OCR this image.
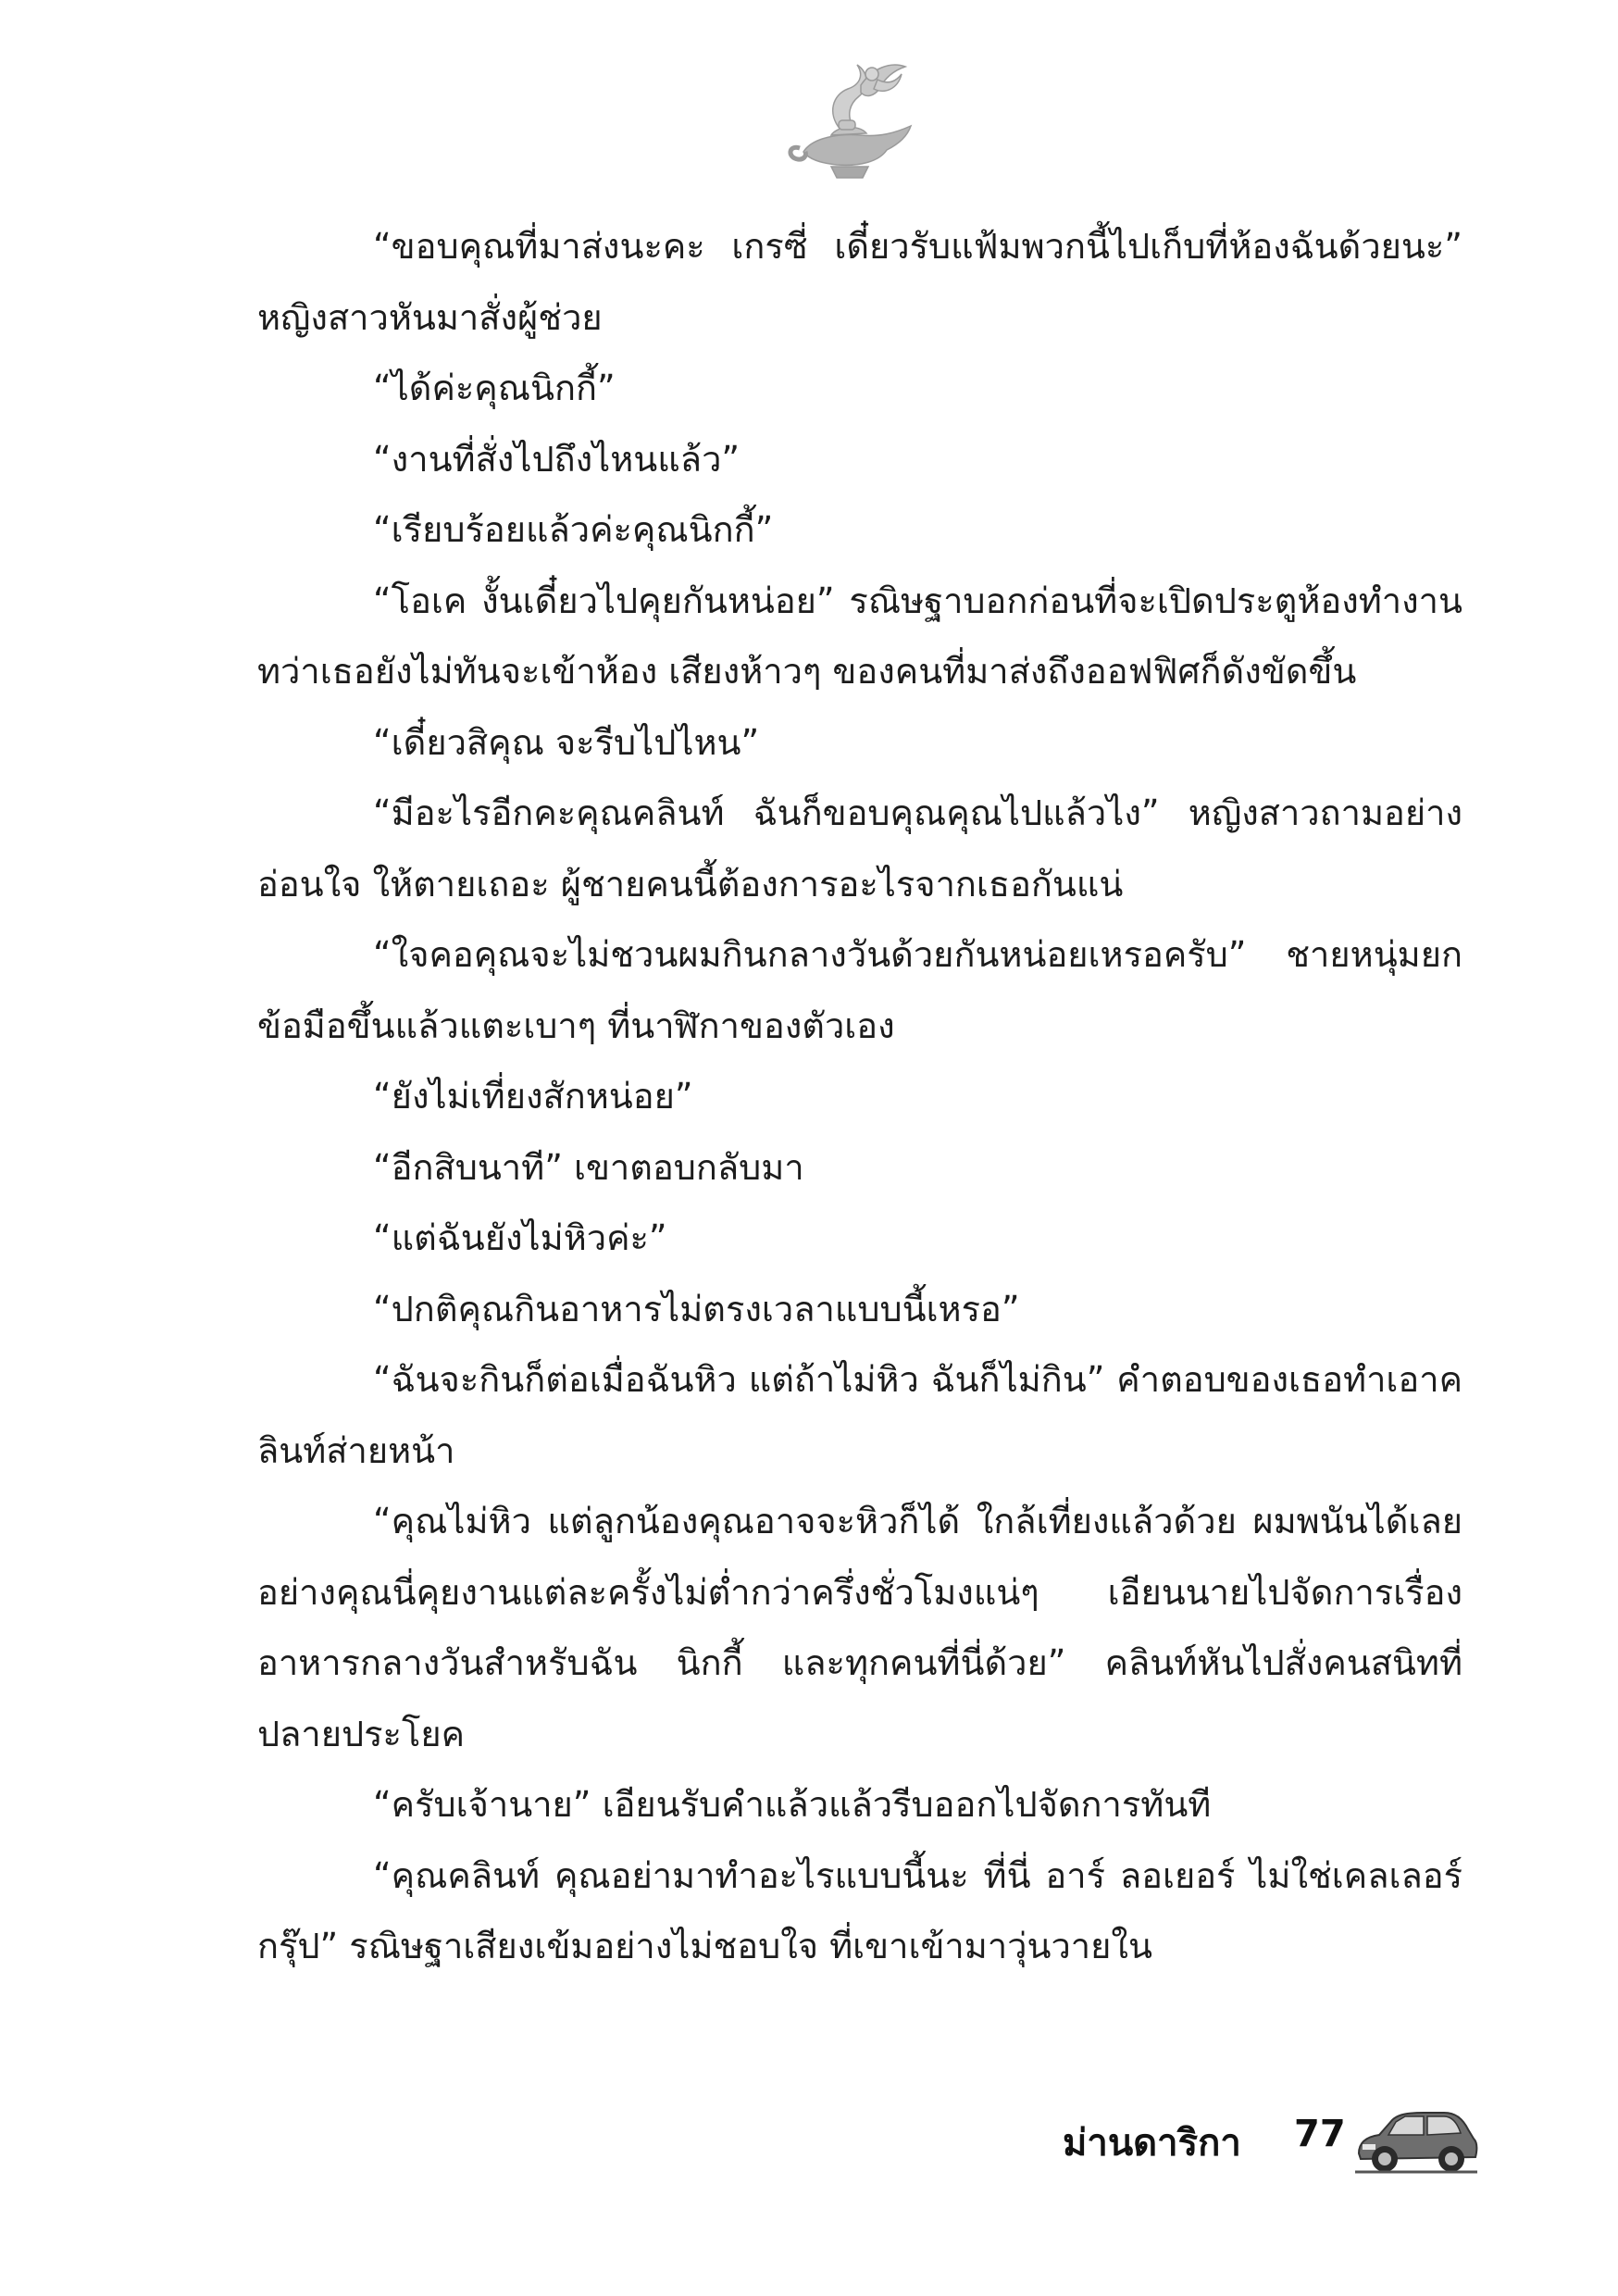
“ขอบคุณที่มาส่งนะคะ เกรซี่ เดี๋ยวรับแฟ้มพวกนี้ไปเก็บที่ห้องฉันด้วยนะ” หญิงสาวหันมาสั่งผู้ช่วย

“ได้ค่ะคุณนิกกี้”

“งานที่สั่งไปถึงไหนแล้ว”

“เรียบร้อยแล้วค่ะคุณนิกกี้”

“โอเค งั้นเดี๋ยวไปคุยกันหน่อย” รณิษฐาบอกก่อนที่จะเปิดประตูห้องทำงาน ทว่าเธอยังไม่ทันจะเข้าห้อง เสียงห้าวๆ ของคนที่มาส่งถึงออฟฟิศก็ดังขัดขึ้น

“เดี๋ยวสิคุณ จะรีบไปไหน”

“มีอะไรอีกคะคุณคลินท์ ฉันก็ขอบคุณคุณไปแล้วไง” หญิงสาวถามอย่างอ่อนใจ ให้ตายเถอะ ผู้ชายคนนี้ต้องการอะไรจากเธอกันแน่

“ใจคอคุณจะไม่ชวนผมกินกลางวันด้วยกันหน่อยเหรอครับ” ชายหนุ่มยกข้อมือขึ้นแล้วแตะเบาๆ ที่นาฬิกาของตัวเอง

“ยังไม่เที่ยงสักหน่อย”

“อีกสิบนาที” เขาตอบกลับมา

“แต่ฉันยังไม่หิวค่ะ”

“ปกติคุณกินอาหารไม่ตรงเวลาแบบนี้เหรอ”

“ฉันจะกินก็ต่อเมื่อฉันหิว แต่ถ้าไม่หิว ฉันก็ไม่กิน” คำตอบของเธอทำเอาคลินท์ส่ายหน้า

“คุณไม่หิว แต่ลูกน้องคุณอาจจะหิวก็ได้ ใกล้เที่ยงแล้วด้วย ผมพนันได้เลย อย่างคุณนี่คุยงานแต่ละครั้งไม่ต่ำกว่าครึ่งชั่วโมงแน่ๆ เอียนนายไปจัดการเรื่องอาหารกลางวันสำหรับฉัน นิกกี้ และทุกคนที่นี่ด้วย” คลินท์หันไปสั่งคนสนิทที่ปลายประโยค

“ครับเจ้านาย” เอียนรับคำแล้วแล้วรีบออกไปจัดการทันที

“คุณคลินท์ คุณอย่ามาทำอะไรแบบนี้นะ ที่นี่ อาร์ ลอเยอร์ ไม่ใช่เคลเลอร์ กรุ๊ป” รณิษฐาเสียงเข้มอย่างไม่ชอบใจ ที่เขาเข้ามาวุ่นวายใน

ม่านดาริกา 77
